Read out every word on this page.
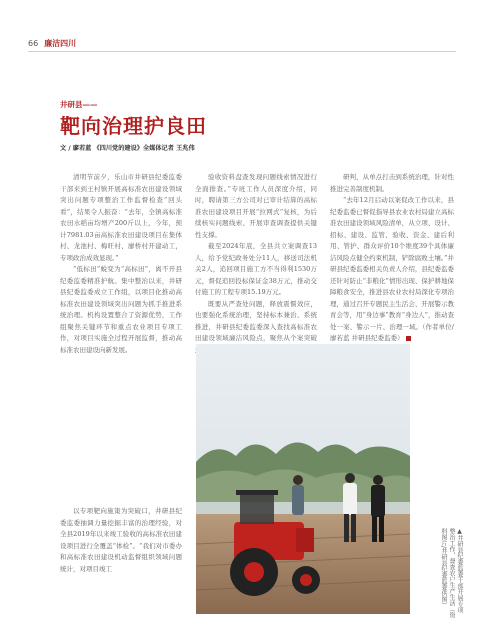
66 廉洁四川
井研县——
靶向治理护良田
文 / 廖若蓝 《四川党的建设》全媒体记者 王兆伟

清明节前夕，乐山市井研县纪委监委干部来到王村镇开展高标准农田建设领域突出问题专项整治工作监督检查“回头看”，结果令人振奋：“去年，全镇高标准农田水稻亩均增产200斤以上，今年，预计7981.03亩高标准农田建设项目在集体村、龙池村、梅旺村、廖桥村开建动工，专项政治成效显现。”

“低标田”蜕变为“高标田”，离不开县纪委监委精准护航。集中整治以来，井研县纪委监委成立工作组，以项目化推动高标准农田建设领域突出问题为抓手推进系统治理。机构设置整合了资源优势，工作组聚焦关键环节和重点农业项目专项工作，对项目实施全过程开展监督，推动高标准农田建设向新发展。

以专项靶向施策为突破口，井研县纪委监委抽调力量挖掘丰富的治理经验，对全县2019年以来竣工验收的高标准农田建设项目进行全覆盖“体检”。“我们对市委办和高标准农田建设机动监督组织领域问题统计，对项目竣工

验收资料盘查发现问题线索情况进行全面排查。”专班工作人员深度介绍，同时，聘请第三方公司对已审计结算的高标准农田建设项目开展“拉网式”复核，为后续核实问题线索、开展审查调查提供关键性支撑。

截至2024年底，全县共立案调查13人，给予党纪政务处分11人，移送司法机关2人，追回项目施工方不当得利1530万元，督促追回投标保证金38万元，推动交付施工的工程专项15.19万元。

既要从严查处问题，释放震慑效应，也要强化系统治理，坚持标本兼治、系统推进，井研县纪委监委深入查找高标准农田建设领域廉洁风险点，聚焦从个案突破

研判，从单点打击到系统治理，针对性推进完善制度机制。

“去年12月启动以案促改工作以来，县纪委监委已督促指导县农业农村局建立高标准农田建设领域风险清单，从立项、设计、招标、建设、监管、验收、资金、建后利用、管护、群众评价10个维度39个具体廉洁风险点健全约束机制，铲除腐败土壤。”井研县纪委监委相关负责人介绍，县纪委监委还针对防止“非粮化”情形出现、保护耕地保障粮食安全，推进县农业农村局深化专项治理，通过召开专题民主生活会、开展警示教育会等，用“身边事”教育“身边人”，推动查处一案、警示一片、治理一域。（作者单位/廖若蓝 井研县纪委监委）

▲井研县纪委监委干部开展专项整治工作，督查农户生产生活（资料图片/井研县纪委监委供图）
